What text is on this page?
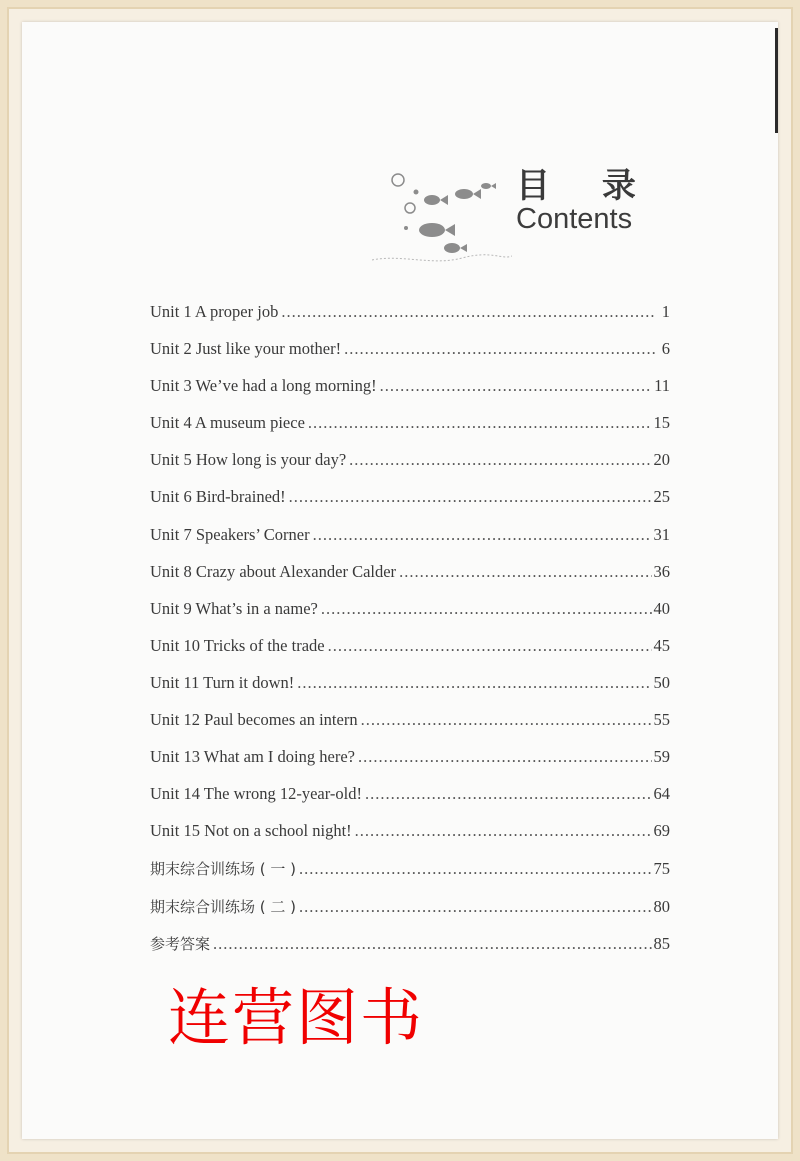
目 录
Contents
Unit 1 A proper job .....	1
Unit 2 Just like your mother! .....	6
Unit 3 We’ve had a long morning! .....	11
Unit 4 A museum piece .....	15
Unit 5 How long is your day? .....	20
Unit 6 Bird-brained! .....	25
Unit 7 Speakers’ Corner .....	31
Unit 8 Crazy about Alexander Calder .....	36
Unit 9 What’s in a name? .....	40
Unit 10 Tricks of the trade .....	45
Unit 11 Turn it down! .....	50
Unit 12 Paul becomes an intern .....	55
Unit 13 What am I doing here? .....	59
Unit 14 The wrong 12-year-old! .....	64
Unit 15 Not on a school night! .....	69
期末综合训练场 ( 一 ) .....	75
期末综合训练场 ( 二 ) .....	80
参考答案 .....	85
连营图书
